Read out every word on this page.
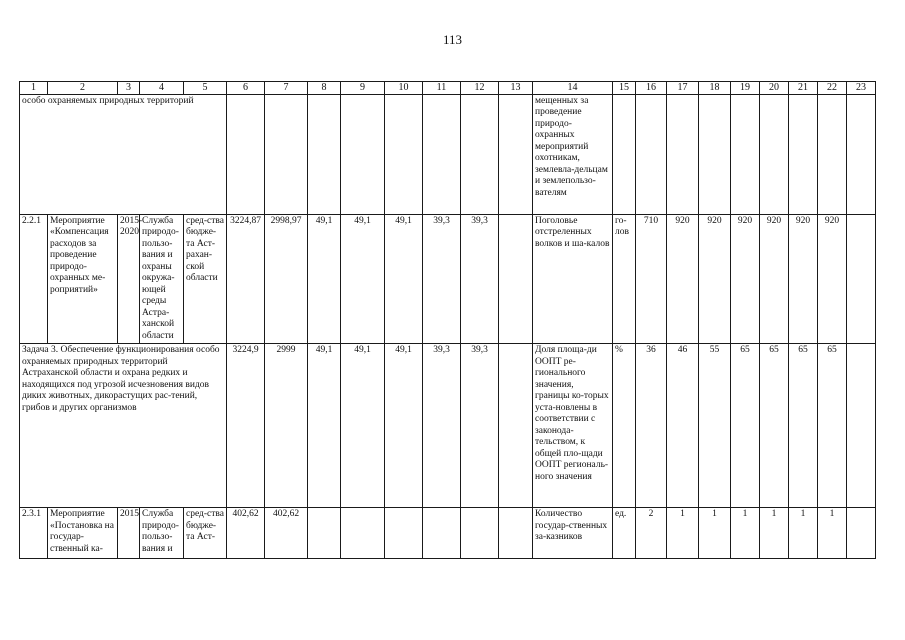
113
1	2	3	4	5	6	7	8	9	10	11	12	13	14	15	16	17	18	19	20	21	22	23
особо охраняемых природных территорий													мещенных за проведение природо-охранных мероприятий охотникам, землевла-дельцам и землепользо-вателям									
2.2.1	Мероприятие «Компенсация расходов за проведение природо-охранных ме-роприятий»	2015-2020	Служба природо-пользо-вания и охраны окружа-ющей среды Астра-ханской области	сред-ства бюдже-та Аст-рахан-ской области	3224,87	2998,97	49,1	49,1	49,1	39,3	39,3		Поголовье отстреленных волков и ша-калов	го-лов	710	920	920	920	920	920	920	
Задача 3. Обеспечение функционирования особо охраняемых природных территорий Астраханской области и охрана редких и находящихся под угрозой исчезновения видов диких животных, дикорастущих рас-тений, грибов и других организмов					3224,9	2999	49,1	49,1	49,1	39,3	39,3		Доля площа-ди ООПТ ре-гионального значения, границы ко-торых уста-новлены в соответствии с законода-тельством, к общей пло-щади ООПТ региональ-ного значения	%	36	46	55	65	65	65	65	
2.3.1	Мероприятие «Постановка на государ-ственный ка-	2015	Служба природо-пользо-вания и	сред-ства бюдже-та Аст-	402,62	402,62							Количество государ-ственных за-казников	ед.	2	1	1	1	1	1	1	
